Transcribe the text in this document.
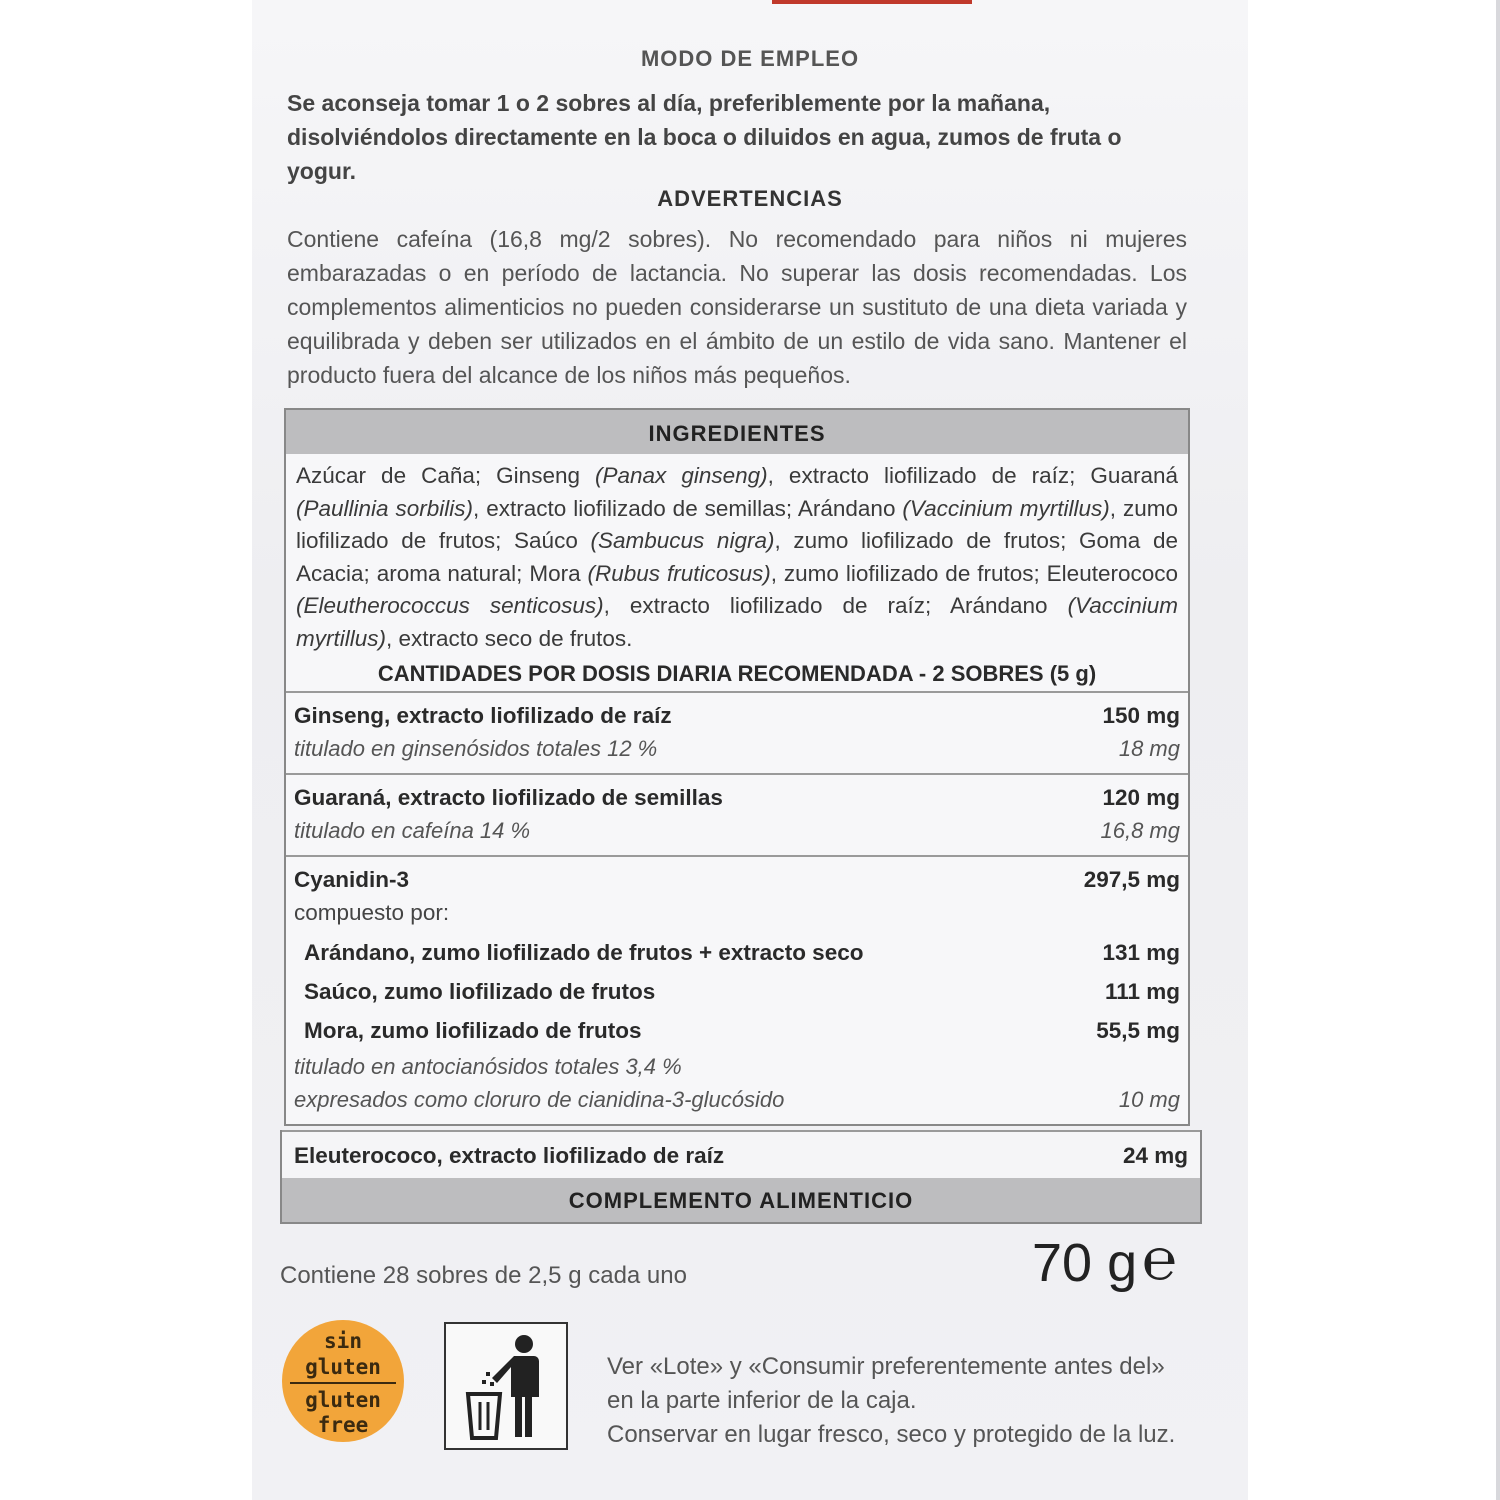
MODO DE EMPLEO
Se aconseja tomar 1 o 2 sobres al día, preferiblemente por la mañana, disolviéndolos directamente en la boca o diluidos en agua, zumos de fruta o yogur.
ADVERTENCIAS
Contiene cafeína (16,8 mg/2 sobres). No recomendado para niños ni mujeres embarazadas o en período de lactancia. No superar las dosis recomendadas. Los complementos alimenticios no pueden considerarse un sustituto de una dieta variada y equilibrada y deben ser utilizados en el ámbito de un estilo de vida sano. Mantener el producto fuera del alcance de los niños más pequeños.
INGREDIENTES
Azúcar de Caña; Ginseng (Panax ginseng), extracto liofilizado de raíz; Guaraná (Paullinia sorbilis), extracto liofilizado de semillas; Arándano (Vaccinium myrtillus), zumo liofilizado de frutos; Saúco (Sambucus nigra), zumo liofilizado de frutos; Goma de Acacia; aroma natural; Mora (Rubus fruticosus), zumo liofilizado de frutos; Eleuterococo (Eleutherococcus senticosus), extracto liofilizado de raíz; Arándano (Vaccinium myrtillus), extracto seco de frutos.
CANTIDADES POR DOSIS DIARIA RECOMENDADA - 2 SOBRES (5 g)
Ginseng, extracto liofilizado de raíz	150 mg
titulado en ginsenósidos totales 12 %	18 mg
Guaraná, extracto liofilizado de semillas	120 mg
titulado en cafeína 14 %	16,8 mg
Cyanidin-3	297,5 mg
compuesto por:
Arándano, zumo liofilizado de frutos + extracto seco	131 mg
Saúco, zumo liofilizado de frutos	111 mg
Mora, zumo liofilizado de frutos	55,5 mg
titulado en antocianósidos totales 3,4 %
expresados como cloruro de cianidina-3-glucósido	10 mg
Eleuterococo, extracto liofilizado de raíz	24 mg
COMPLEMENTO ALIMENTICIO
Contiene 28 sobres de 2,5 g cada uno	70 g ℮
sin
gluten
gluten
free
Ver «Lote» y «Consumir preferentemente antes del»
en la parte inferior de la caja.
Conservar en lugar fresco, seco y protegido de la luz.
